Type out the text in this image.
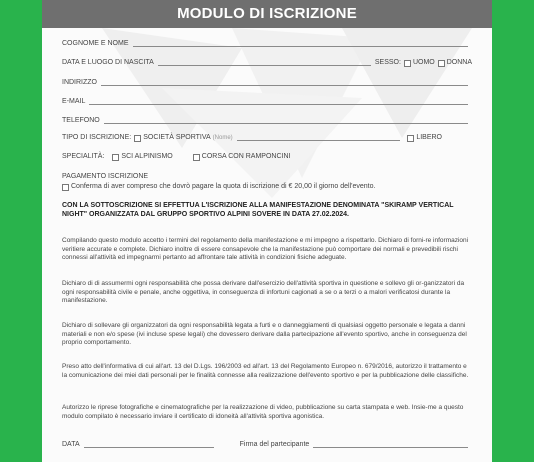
MODULO DI ISCRIZIONE
COGNOME E NOME
DATA E LUOGO DI NASCITA	SESSO: UOMO DONNA
INDIRIZZO
E-MAIL
TELEFONO
TIPO DI ISCRIZIONE: SOCIETÀ SPORTIVA (Nome)	LIBERO
SPECIALITÀ: SCI ALPINISMO	CORSA CON RAMPONCINI
PAGAMENTO ISCRIZIONE
Conferma di aver compreso che dovrò pagare la quota di iscrizione di € 20,00 il giorno dell'evento.
CON LA SOTTOSCRIZIONE SI EFFETTUA L'ISCRIZIONE ALLA MANIFESTAZIONE DENOMINATA "SKIRAMP VERTICAL NIGHT" ORGANIZZATA DAL GRUPPO SPORTIVO ALPINI SOVERE IN DATA 27.02.2024.
Compilando questo modulo accetto i termini del regolamento della manifestazione e mi impegno a rispettarlo. Dichiaro di forni-re informazioni veritiere accurate e complete. Dichiaro inoltre di essere consapevole che la manifestazione può comportare dei normali e prevedibili rischi connessi all'attività ed impegnarmi pertanto ad affrontare tale attività in condizioni fisiche adeguate.
Dichiaro di di assumermi ogni responsabilità che possa derivare dall'esercizio dell'attività sportiva in questione e sollevo gli or-ganizzatori da ogni responsabilità civile e penale, anche oggettiva, in conseguenza di infortuni cagionati a se o a terzi o a malori verificatosi durante la manifestazione.
Dichiaro di sollevare gli organizzatori da ogni responsabilità legata a furti e o danneggiamenti di qualsiasi oggetto personale e legata a danni materiali e non e/o spese (ivi incluse spese legali) che dovessero derivare dalla partecipazione all'evento sportivo, anche in conseguenza del proprio comportamento.
Preso atto dell'informativa di cui all'art. 13 del D.Lgs. 196/2003 ed all'art. 13 del Regolamento Europeo n. 679/2016, autorizzo il trattamento e la comunicazione dei miei dati personali per le finalità connesse alla realizzazione dell'evento sportivo e per la pubblicazione delle classifiche.
Autorizzo le riprese fotografiche e cinematografiche per la realizzazione di video, pubblicazione su carta stampata e web. Insie-me a questo modulo compilato è necessario inviare il certificato di idoneità all'attività sportiva agonistica.
DATA	Firma del partecipante
